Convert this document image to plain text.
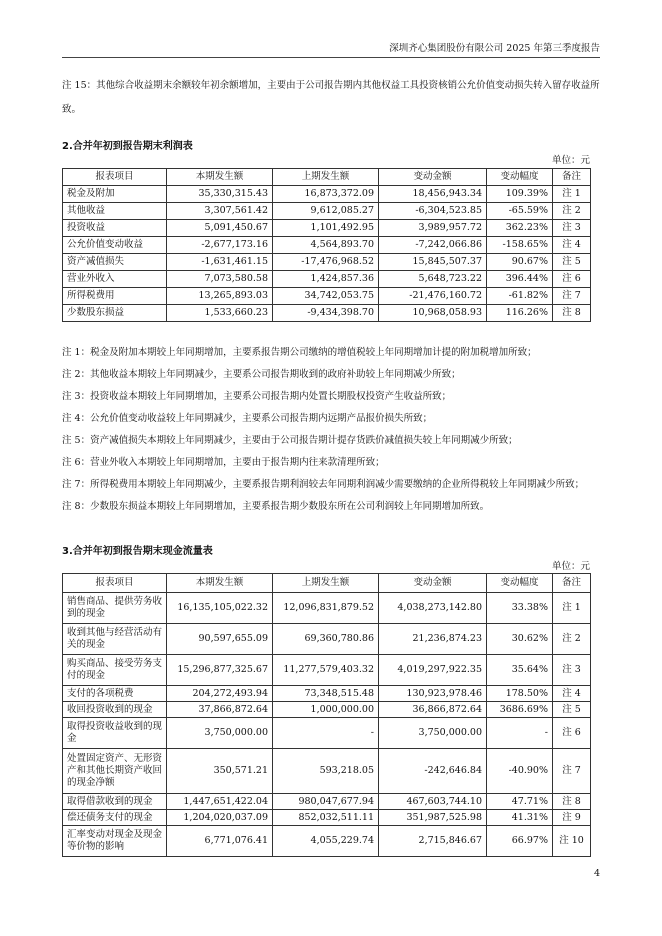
深圳齐心集团股份有限公司 2025 年第三季度报告
注 15：其他综合收益期末余额较年初余额增加，主要由于公司报告期内其他权益工具投资核销公允价值变动损失转入留存收益所致。
2.合并年初到报告期末利润表
单位：元
报表项目	本期发生额	上期发生额	变动金额	变动幅度	备注
税金及附加	35,330,315.43	16,873,372.09	18,456,943.34	109.39%	注 1
其他收益	3,307,561.42	9,612,085.27	-6,304,523.85	-65.59%	注 2
投资收益	5,091,450.67	1,101,492.95	3,989,957.72	362.23%	注 3
公允价值变动收益	-2,677,173.16	4,564,893.70	-7,242,066.86	-158.65%	注 4
资产减值损失	-1,631,461.15	-17,476,968.52	15,845,507.37	90.67%	注 5
营业外收入	7,073,580.58	1,424,857.36	5,648,723.22	396.44%	注 6
所得税费用	13,265,893.03	34,742,053.75	-21,476,160.72	-61.82%	注 7
少数股东损益	1,533,660.23	-9,434,398.70	10,968,058.93	116.26%	注 8
注 1：税金及附加本期较上年同期增加，主要系报告期公司缴纳的增值税较上年同期增加计提的附加税增加所致；
注 2：其他收益本期较上年同期减少，主要系公司报告期收到的政府补助较上年同期减少所致；
注 3：投资收益本期较上年同期增加，主要系公司报告期内处置长期股权投资产生收益所致；
注 4：公允价值变动收益较上年同期减少，主要系公司报告期内远期产品报价损失所致；
注 5：资产减值损失本期较上年同期减少，主要由于公司报告期计提存货跌价减值损失较上年同期减少所致；
注 6：营业外收入本期较上年同期增加，主要由于报告期内往来款清理所致；
注 7：所得税费用本期较上年同期减少，主要系报告期利润较去年同期利润减少需要缴纳的企业所得税较上年同期减少所致；
注 8：少数股东损益本期较上年同期增加，主要系报告期少数股东所在公司利润较上年同期增加所致。
3.合并年初到报告期末现金流量表
单位：元
报表项目	本期发生额	上期发生额	变动金额	变动幅度	备注
销售商品、提供劳务收到的现金	16,135,105,022.32	12,096,831,879.52	4,038,273,142.80	33.38%	注 1
收到其他与经营活动有关的现金	90,597,655.09	69,360,780.86	21,236,874.23	30.62%	注 2
购买商品、接受劳务支付的现金	15,296,877,325.67	11,277,579,403.32	4,019,297,922.35	35.64%	注 3
支付的各项税费	204,272,493.94	73,348,515.48	130,923,978.46	178.50%	注 4
收回投资收到的现金	37,866,872.64	1,000,000.00	36,866,872.64	3686.69%	注 5
取得投资收益收到的现金	3,750,000.00	-	3,750,000.00	-	注 6
处置固定资产、无形资产和其他长期资产收回的现金净额	350,571.21	593,218.05	-242,646.84	-40.90%	注 7
取得借款收到的现金	1,447,651,422.04	980,047,677.94	467,603,744.10	47.71%	注 8
偿还债务支付的现金	1,204,020,037.09	852,032,511.11	351,987,525.98	41.31%	注 9
汇率变动对现金及现金等价物的影响	6,771,076.41	4,055,229.74	2,715,846.67	66.97%	注 10
4
